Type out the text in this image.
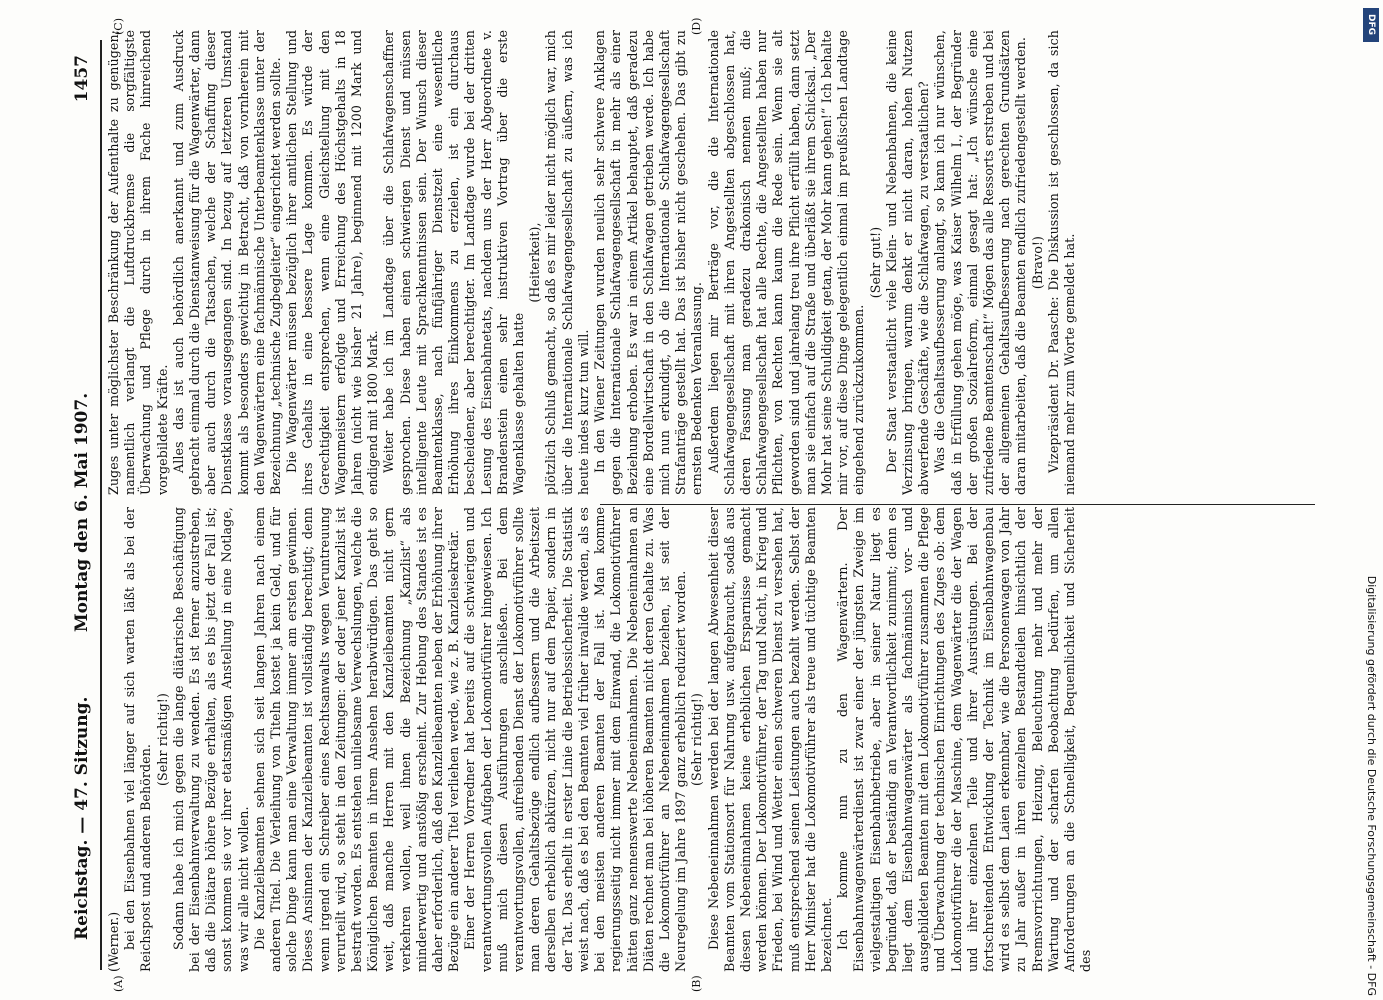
Reichstag. — 47. Sitzung.
Montag den 6. Mai 1907.
1457
(A)	(B)
(C)	(D)

(Werner.) bei den Eisenbahnen viel länger auf sich warten läßt als bei der Reichspost und anderen Behörden.

(Sehr richtig!) Sodann habe ich mich gegen die lange diätarische Beschäftigung bei der Eisenbahnverwaltung zu wenden. Es ist ferner anzustreben, daß die Diätare höhere Bezüge erhalten, als es bis jetzt der Fall ist; sonst kommen sie vor ihrer etatsmäßigen Anstellung in eine Notlage, was wir alle nicht wollen. Die Kanzleibeamten sehnen sich seit langen Jahren nach einem anderen Titel. Die Verleihung von Titeln kostet ja kein Geld, und für solche Dinge kann man eine Verwaltung immer am ersten gewinnen. Dieses Ansinnen der Kanzleibeamten ist vollständig berechtigt; denn wenn irgend ein Schreiber eines Rechtsanwalts wegen Veruntreuung verurteilt wird, so steht in den Zeitungen: der oder jener Kanzlist ist bestraft worden. Es entstehen unliebsame Verwechslungen, welche die Königlichen Beamten in ihrem Ansehen herabwürdigen. Das geht so weit, daß manche Herren mit den Kanzleibeamten nicht gern verkehren wollen, weil ihnen die Bezeichnung „Kanzlist“ als minderwertig und anstößig erscheint. Zur Hebung des Standes ist es daher erforderlich, daß den Kanzleibeamten neben der Erhöhung ihrer Bezüge ein anderer Titel verliehen werde, wie z. B. Kanzleisekretär. Einer der Herren Vorredner hat bereits auf die schwierigen und verantwortungsvollen Aufgaben der Lokomotivführer hingewiesen. Ich muß mich diesen Ausführungen anschließen. Bei dem verantwortungsvollen, aufreibenden Dienst der Lokomotivführer sollte man deren Gehaltsbezüge endlich aufbessern und die Arbeitszeit derselben erheblich abkürzen, nicht nur auf dem Papier, sondern in der Tat. Das erhellt in erster Linie die Betriebssicherheit. Die Statistik weist nach, daß es bei den Beamten viel früher invalide werden, als es bei den meisten anderen Beamten der Fall ist. Man komme regierungsseitig nicht immer mit dem Einwand, die Lokomotivführer hätten ganz nennenswerte Nebeneinnahmen. Die Nebeneinnahmen an Diäten rechnet man bei höheren Beamten nicht deren Gehalte zu. Was die Lokomotivführer an Nebeneinnahmen beziehen, ist seit der Neuregelung im Jahre 1897 ganz erheblich reduziert worden. (Sehr richtig!) Diese Nebeneinnahmen werden bei der langen Abwesenheit dieser Beamten vom Stationsort für Nahrung usw. aufgebraucht, sodaß aus diesen Nebeneinnahmen keine erheblichen Ersparnisse gemacht werden können. Der Lokomotivführer, der Tag und Nacht, in Krieg und Frieden, bei Wind und Wetter einen schweren Dienst zu versehen hat, muß entsprechend seinen Leistungen auch bezahlt werden. Selbst der Herr Minister hat die Lokomotivführer als treue und tüchtige Beamten bezeichnet. Ich komme nun zu den Wagenwärtern. Der Eisenbahnwagenwärterdienst ist zwar einer der jüngsten Zweige im vielgestaltigen Eisenbahnbetriebe, aber in seiner Natur liegt es begründet, daß er beständig an Verantwortlichkeit zunimmt; denn es liegt dem Eisenbahnwagenwärter als fachmännisch vor- und ausgebildeten Beamten mit dem Lokomotivführer zusammen die Pflege und Überwachung der technischen Einrichtungen des Zuges ob: dem Lokomotivführer die der Maschine, dem Wagenwärter die der Wagen und ihrer einzelnen Teile und ihrer Ausrüstungen. Bei der fortschreitenden Entwicklung der Technik im Eisenbahnwagenbau wird es selbst dem Laien erkennbar, wie die Personenwagen von Jahr zu Jahr außer in ihren einzelnen Bestandteilen hinsichtlich der Bremsvorrichtungen, Heizung, Beleuchtung mehr und mehr der Wartung und der scharfen Beobachtung bedürfen, um allen Anforderungen an die Schnelligkeit, Bequemlichkeit und Sicherheit des

Zuges unter möglichster Beschränkung der Aufenthalte zu genügen; namentlich verlangt die Luftdruckbremse die sorgfältigste Überwachung und Pflege durch in ihrem Fache hinreichend vorgebildete Kräfte. Alles das ist auch behördlich anerkannt und zum Ausdruck gebracht einmal durch die Dienstanweisung für die Wagenwärter, dann aber auch durch die Tatsachen, welche der Schaffung dieser Dienstklasse vorausgegangen sind. In bezug auf letzteren Umstand kommt als besonders gewichtig in Betracht, daß von vornherein mit den Wagenwärtern eine fachmännische Unterbeamtenklasse unter der Bezeichnung „technische Zugbegleiter“ eingerichtet werden sollte. Die Wagenwärter müssen bezüglich ihrer amtlichen Stellung und ihres Gehalts in eine bessere Lage kommen. Es würde der Gerechtigkeit entsprechen, wenn eine Gleichstellung mit den Wagenmeistern erfolgte und Erreichung des Höchstgehalts in 18 Jahren (nicht wie bisher 21 Jahre), beginnend mit 1200 Mark und endigend mit 1800 Mark. Weiter habe ich im Landtage über die Schlafwagenschaffner gesprochen. Diese haben einen schwierigen Dienst und müssen intelligente Leute mit Sprachkenntnissen sein. Der Wunsch dieser Beamtenklasse, nach fünfjähriger Dienstzeit eine wesentliche Erhöhung ihres Einkommens zu erzielen, ist ein durchaus bescheidener, aber berechtigter. Im Landtage wurde bei der dritten Lesung des Eisenbahnetats, nachdem uns der Herr Abgeordnete v. Brandenstein einen sehr instruktiven Vortrag über die erste Wagenklasse gehalten hatte

(Heiterkeit), plötzlich Schluß gemacht, so daß es mir leider nicht möglich war, mich über die Internationale Schlafwagengesellschaft zu äußern, was ich heute indes kurz tun will. In den Wiener Zeitungen wurden neulich sehr schwere Anklagen gegen die Internationale Schlafwagengesellschaft in mehr als einer Beziehung erhoben. Es war in einem Artikel behauptet, daß geradezu eine Bordellwirtschaft in den Schlafwagen getrieben werde. Ich habe mich nun erkundigt, ob die Internationale Schlafwagengesellschaft Strafanträge gestellt hat. Das ist bisher nicht geschehen. Das gibt zu ernsten Bedenken Veranlassung. Außerdem liegen mir Berträge vor, die die Internationale Schlafwagengesellschaft mit ihren Angestellten abgeschlossen hat, deren Fassung man geradezu drakonisch nennen muß; die Schlafwagengesellschaft hat alle Rechte, die Angestellten haben nur Pflichten, von Rechten kann kaum die Rede sein. Wenn sie alt geworden sind und jahrelang treu ihre Pflicht erfüllt haben, dann setzt man sie einfach auf die Straße und überläßt sie ihrem Schicksal. „Der Mohr hat seine Schuldigkeit getan, der Mohr kann gehen!“ Ich behalte mir vor, auf diese Dinge gelegentlich einmal im preußischen Landtage eingehend zurückzukommen.

(Sehr gut!) Der Staat verstaatlicht viele Klein- und Nebenbahnen, die keine Verzinsung bringen, warum denkt er nicht daran, hohen Nutzen abwerfende Geschäfte, wie die Schlafwagen, zu verstaatlichen? Was die Gehaltsaufbesserung anlangt, so kann ich nur wünschen, daß in Erfüllung gehen möge, was Kaiser Wilhelm I., der Begründer der großen Sozialreform, einmal gesagt hat: „Ich wünsche eine zufriedene Beamtenschaft!“ Mögen das alle Ressorts erstreben und bei der allgemeinen Gehaltsaufbesserung nach gerechten Grundsätzen daran mitarbeiten, daß die Beamten endlich zufriedengestellt werden. (Bravo!) Vizepräsident Dr. Paasche: Die Diskussion ist geschlossen, da sich niemand mehr zum Worte gemeldet hat.

Digitalisierung gefördert durch die Deutsche Forschungsgemeinschaft - DFG
DFG
